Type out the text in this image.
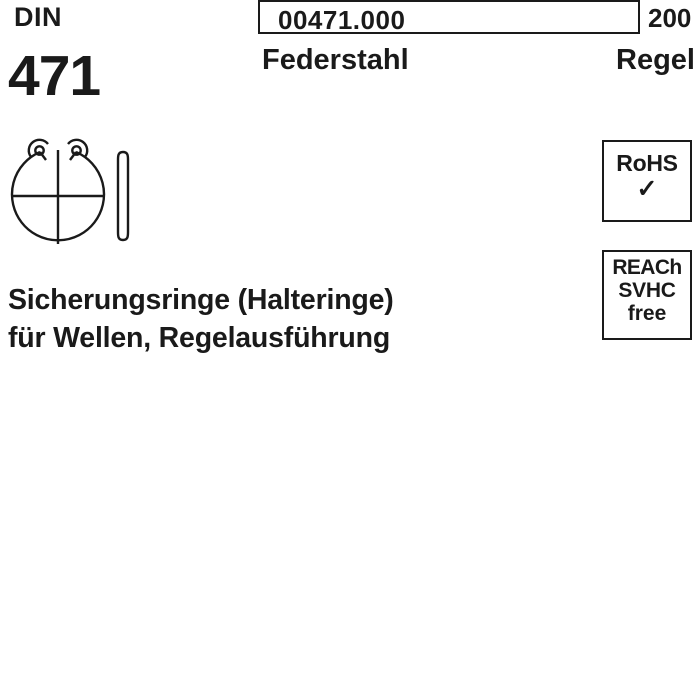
DIN
471
00471.000	200
Federstahl	Regel
Sicherungsringe (Halteringe)
für Wellen, Regelausführung
RoHS
✓
REACh
SVHC
free
